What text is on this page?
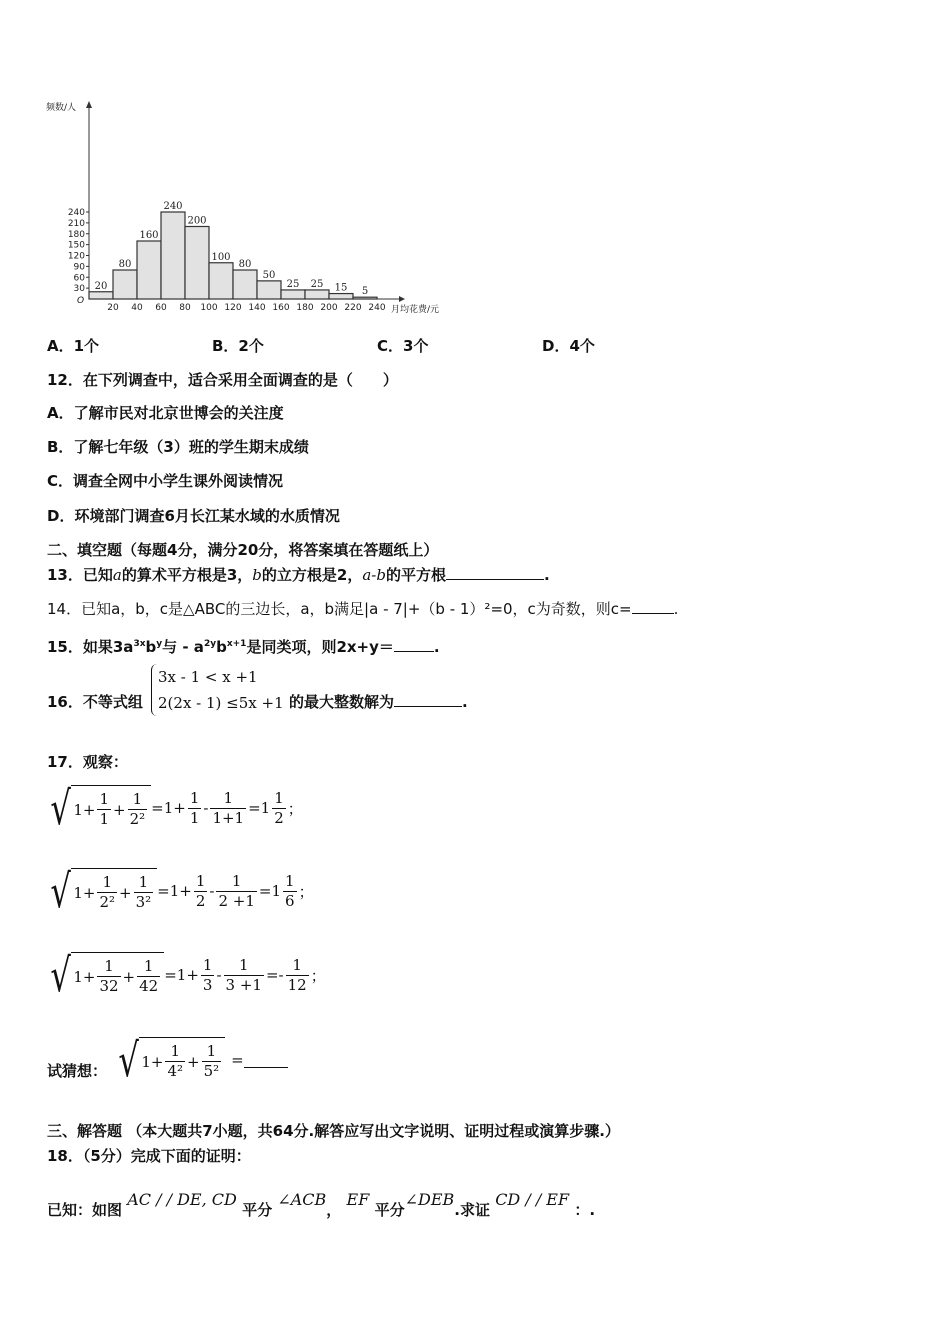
20
80
160
240
200
100
80
50
25 25 15 5
30
60
90
120
150
180
210
240
20 40 60 80 100 120 140 160 180 200 220 240
O
频数/人
月均花费/元
A．1个	B．2个	C．3个	D．4个
12．在下列调查中，适合采用全面调查的是（　　）
A．了解市民对北京世博会的关注度
B．了解七年级（3）班的学生期末成绩
C．调查全网中小学生课外阅读情况
D．环境部门调查6月长江某水域的水质情况
二、填空题（每题4分，满分20分，将答案填在答题纸上）
13．已知a的算术平方根是3，b的立方根是2，a-b的平方根	.
14．已知a，b，c是△ABC的三边长，a，b满足|a - 7|+（b - 1）²=0，c为奇数，则c=	.
15．如果$3a^{3x}b^y$与 - $a^{2y}b^{x+1}$是同类项，则2x+y＝	.
16．不等式组
3x - 1 < x +1
2(2x - 1) ≤5x +1 的最大整数解为	.
17．观察：
√ $1+ \frac{1}{1} + \frac{1}{\text{2²}} =1+ \frac{1}{1} - \frac{1}{1+1} =1 \frac{1}{2}$ ；
√ $1+ \frac{1}{\text{2²}} + \frac{1}{\text{3²}} =1+ \frac{1}{2} - \frac{1}{2 +1} =1 \frac{1}{6}$ ；
√ $1+ \frac{1}{32} + \frac{1}{42} =1+ \frac{1}{3} - \frac{1}{3 +1} =- \frac{1}{12}$ ；
试猜想： √ $1+ \frac{1}{\text{4²}} + \frac{1}{\text{5²}}$ =
三、解答题 （本大题共7小题，共64分.解答应写出文字说明、证明过程或演算步骤.）
18．（5分）完成下面的证明：
已知：如图 AC / / DE, CD 平分 ∠ACB， EF 平分∠DEB.求证 CD / / EF ：.
